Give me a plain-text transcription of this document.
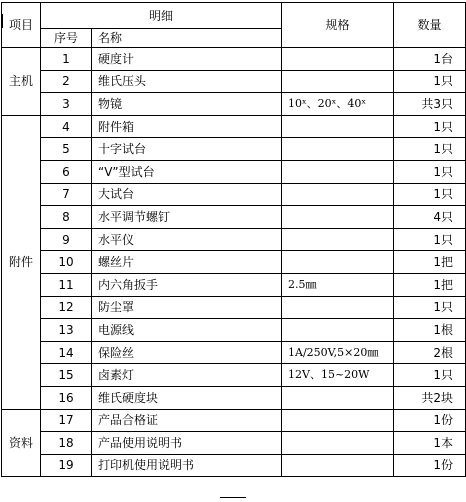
项目	明细		规格	数量
	序号	名称		
主机	1	硬度计		1台
	2	维氏压头		1只
	3	物镜	10ˣ、20ˣ、40ˣ	共3只
附件	4	附件箱		1只
	5	十字试台		1只
	6	“V”型试台		1只
	7	大试台		1只
	8	水平调节螺钉		4只
	9	水平仪		1只
	10	螺丝片		1把
	11	内六角扳手	2.5㎜	1把
	12	防尘罩		1只
	13	电源线		1根
	14	保险丝	1A/250V,5×20㎜	2根
	15	卤素灯	12V、15~20W	1只
	16	维氏硬度块		共2块
资料	17	产品合格证		1份
	18	产品使用说明书		1本
	19	打印机使用说明书		1份
